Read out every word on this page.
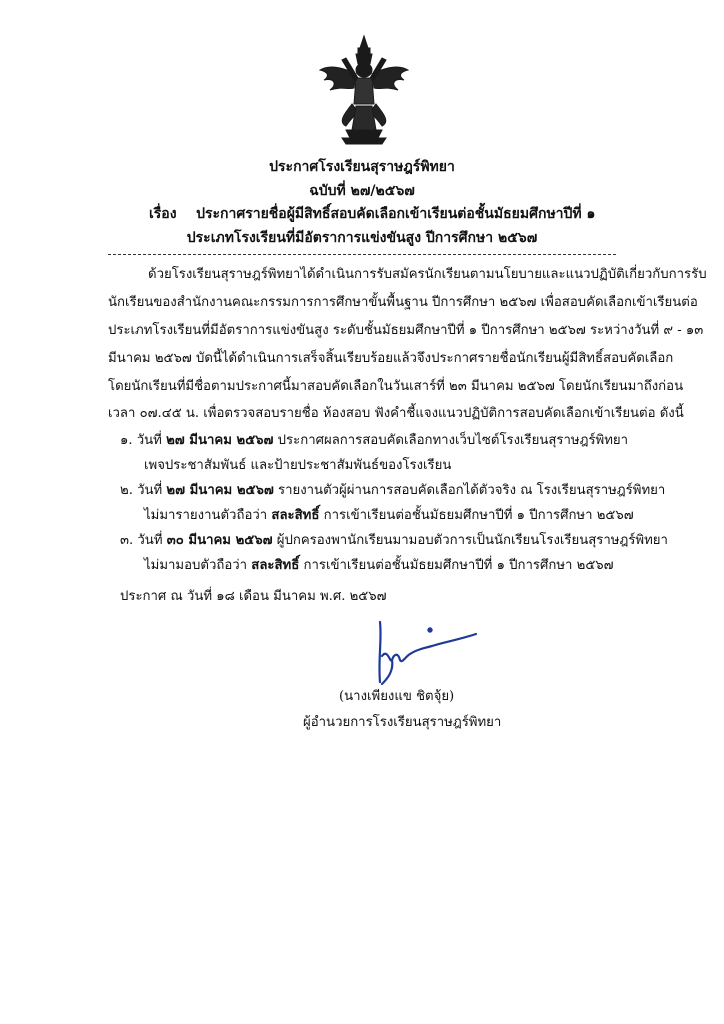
ประกาศโรงเรียนสุราษฎร์พิทยา
ฉบับที่ ๒๗/๒๕๖๗
เรื่อง ประกาศรายชื่อผู้มีสิทธิ์สอบคัดเลือกเข้าเรียนต่อชั้นมัธยมศึกษาปีที่ ๑
ประเภทโรงเรียนที่มีอัตราการแข่งขันสูง ปีการศึกษา ๒๕๖๗
ด้วยโรงเรียนสุราษฎร์พิทยาได้ดำเนินการรับสมัครนักเรียนตามนโยบายและแนวปฏิบัติเกี่ยวกับการรับ
นักเรียนของสำนักงานคณะกรรมการการศึกษาขั้นพื้นฐาน ปีการศึกษา ๒๕๖๗ เพื่อสอบคัดเลือกเข้าเรียนต่อ
ประเภทโรงเรียนที่มีอัตราการแข่งขันสูง ระดับชั้นมัธยมศึกษาปีที่ ๑ ปีการศึกษา ๒๕๖๗ ระหว่างวันที่ ๙ - ๑๓
มีนาคม ๒๕๖๗ บัดนี้ได้ดำเนินการเสร็จสิ้นเรียบร้อยแล้วจึงประกาศรายชื่อนักเรียนผู้มีสิทธิ์สอบคัดเลือก
โดยนักเรียนที่มีชื่อตามประกาศนี้มาสอบคัดเลือกในวันเสาร์ที่ ๒๓ มีนาคม ๒๕๖๗ โดยนักเรียนมาถึงก่อน
เวลา ๐๗.๔๕ น. เพื่อตรวจสอบรายชื่อ ห้องสอบ ฟังคำชี้แจงแนวปฏิบัติการสอบคัดเลือกเข้าเรียนต่อ ดังนี้
๑. วันที่ ๒๗ มีนาคม ๒๕๖๗ ประกาศผลการสอบคัดเลือกทางเว็บไซต์โรงเรียนสุราษฎร์พิทยา
เพจประชาสัมพันธ์ และป้ายประชาสัมพันธ์ของโรงเรียน
๒. วันที่ ๒๗ มีนาคม ๒๕๖๗ รายงานตัวผู้ผ่านการสอบคัดเลือกได้ตัวจริง ณ โรงเรียนสุราษฎร์พิทยา
ไม่มารายงานตัวถือว่า สละสิทธิ์ การเข้าเรียนต่อชั้นมัธยมศึกษาปีที่ ๑ ปีการศึกษา ๒๕๖๗
๓. วันที่ ๓๐ มีนาคม ๒๕๖๗ ผู้ปกครองพานักเรียนมามอบตัวการเป็นนักเรียนโรงเรียนสุราษฎร์พิทยา
ไม่มามอบตัวถือว่า สละสิทธิ์ การเข้าเรียนต่อชั้นมัธยมศึกษาปีที่ ๑ ปีการศึกษา ๒๕๖๗
ประกาศ ณ วันที่ ๑๘ เดือน มีนาคม พ.ศ. ๒๕๖๗
(นางเพียงแข ชิตจุ้ย)
ผู้อำนวยการโรงเรียนสุราษฎร์พิทยา
